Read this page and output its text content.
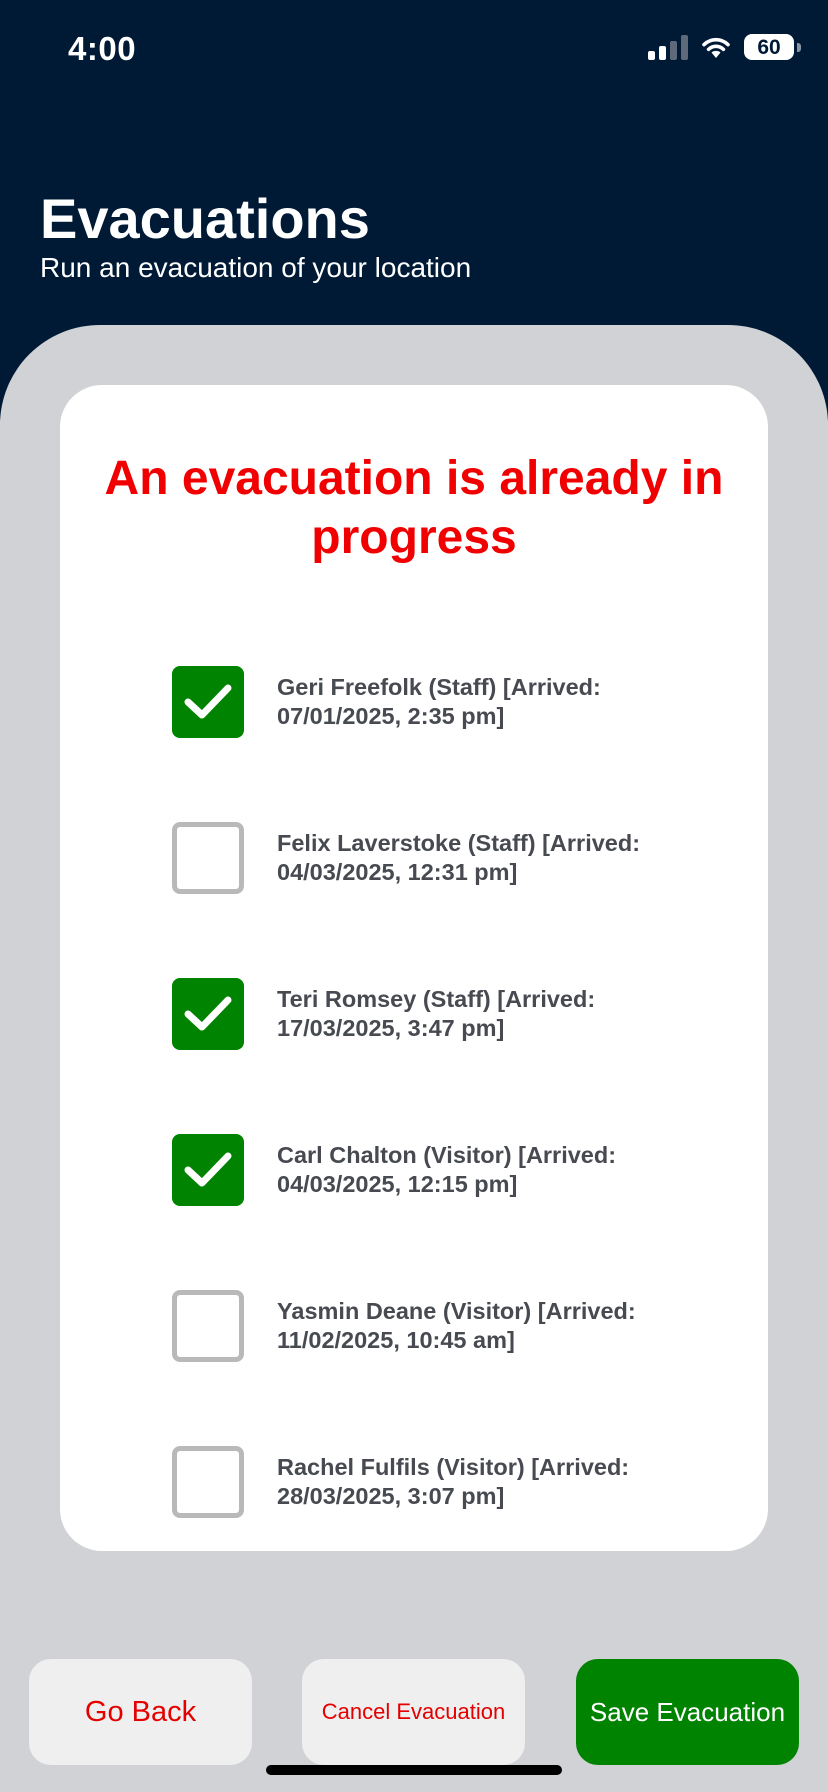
4:00	60
Evacuations
Run an evacuation of your location
An evacuation is already in progress
Geri Freefolk (Staff) [Arrived:
07/01/2025, 2:35 pm]
Felix Laverstoke (Staff) [Arrived:
04/03/2025, 12:31 pm]
Teri Romsey (Staff) [Arrived:
17/03/2025, 3:47 pm]
Carl Chalton (Visitor) [Arrived:
04/03/2025, 12:15 pm]
Yasmin Deane (Visitor) [Arrived:
11/02/2025, 10:45 am]
Rachel Fulfils (Visitor) [Arrived:
28/03/2025, 3:07 pm]
Go Back	Cancel Evacuation	Save Evacuation
